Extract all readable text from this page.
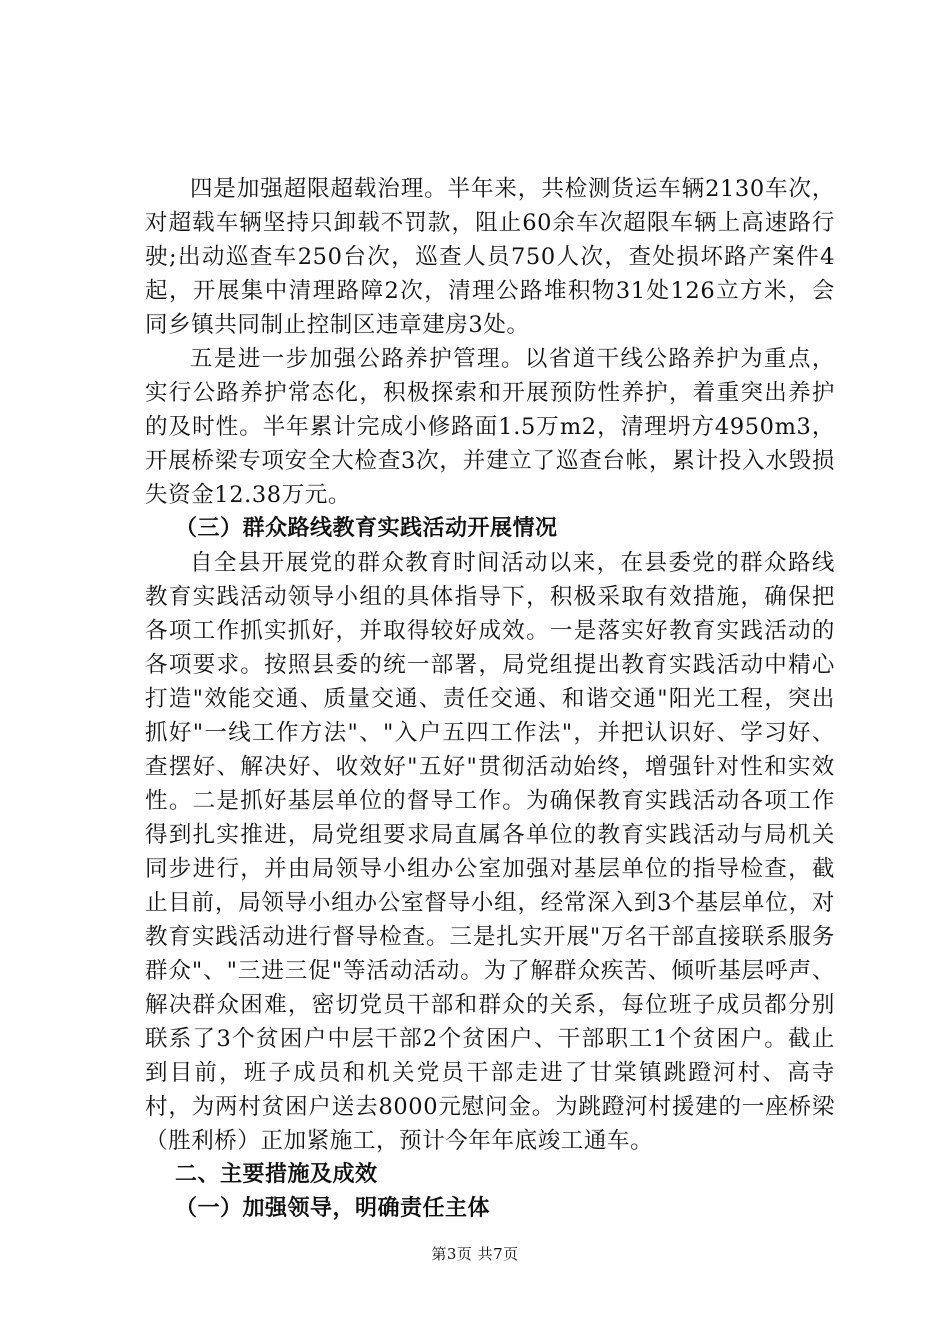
四是加强超限超载治理。半年来，共检测货运车辆2130车次，对超载车辆坚持只卸载不罚款，阻止60余车次超限车辆上高速路行驶;出动巡查车250台次，巡查人员750人次，查处损坏路产案件4起，开展集中清理路障2次，清理公路堆积物31处126立方米，会同乡镇共同制止控制区违章建房3处。

五是进一步加强公路养护管理。以省道干线公路养护为重点，实行公路养护常态化，积极探索和开展预防性养护，着重突出养护的及时性。半年累计完成小修路面1.5万m2，清理坍方4950m3，开展桥梁专项安全大检查3次，并建立了巡查台帐，累计投入水毁损失资金12.38万元。

（三）群众路线教育实践活动开展情况

自全县开展党的群众教育时间活动以来，在县委党的群众路线教育实践活动领导小组的具体指导下，积极采取有效措施，确保把各项工作抓实抓好，并取得较好成效。一是落实好教育实践活动的各项要求。按照县委的统一部署，局党组提出教育实践活动中精心打造"效能交通、质量交通、责任交通、和谐交通"阳光工程，突出抓好"一线工作方法"、"入户五四工作法"，并把认识好、学习好、查摆好、解决好、收效好"五好"贯彻活动始终，增强针对性和实效性。二是抓好基层单位的督导工作。为确保教育实践活动各项工作得到扎实推进，局党组要求局直属各单位的教育实践活动与局机关同步进行，并由局领导小组办公室加强对基层单位的指导检查，截止目前，局领导小组办公室督导小组，经常深入到3个基层单位，对教育实践活动进行督导检查。三是扎实开展"万名干部直接联系服务群众"、"三进三促"等活动活动。为了解群众疾苦、倾听基层呼声、解决群众困难，密切党员干部和群众的关系，每位班子成员都分别联系了3个贫困户中层干部2个贫困户、干部职工1个贫困户。截止到目前，班子成员和机关党员干部走进了甘棠镇跳蹬河村、高寺村，为两村贫困户送去8000元慰问金。为跳蹬河村援建的一座桥梁（胜利桥）正加紧施工，预计今年年底竣工通车。

二、主要措施及成效

（一）加强领导，明确责任主体

第3页 共7页
